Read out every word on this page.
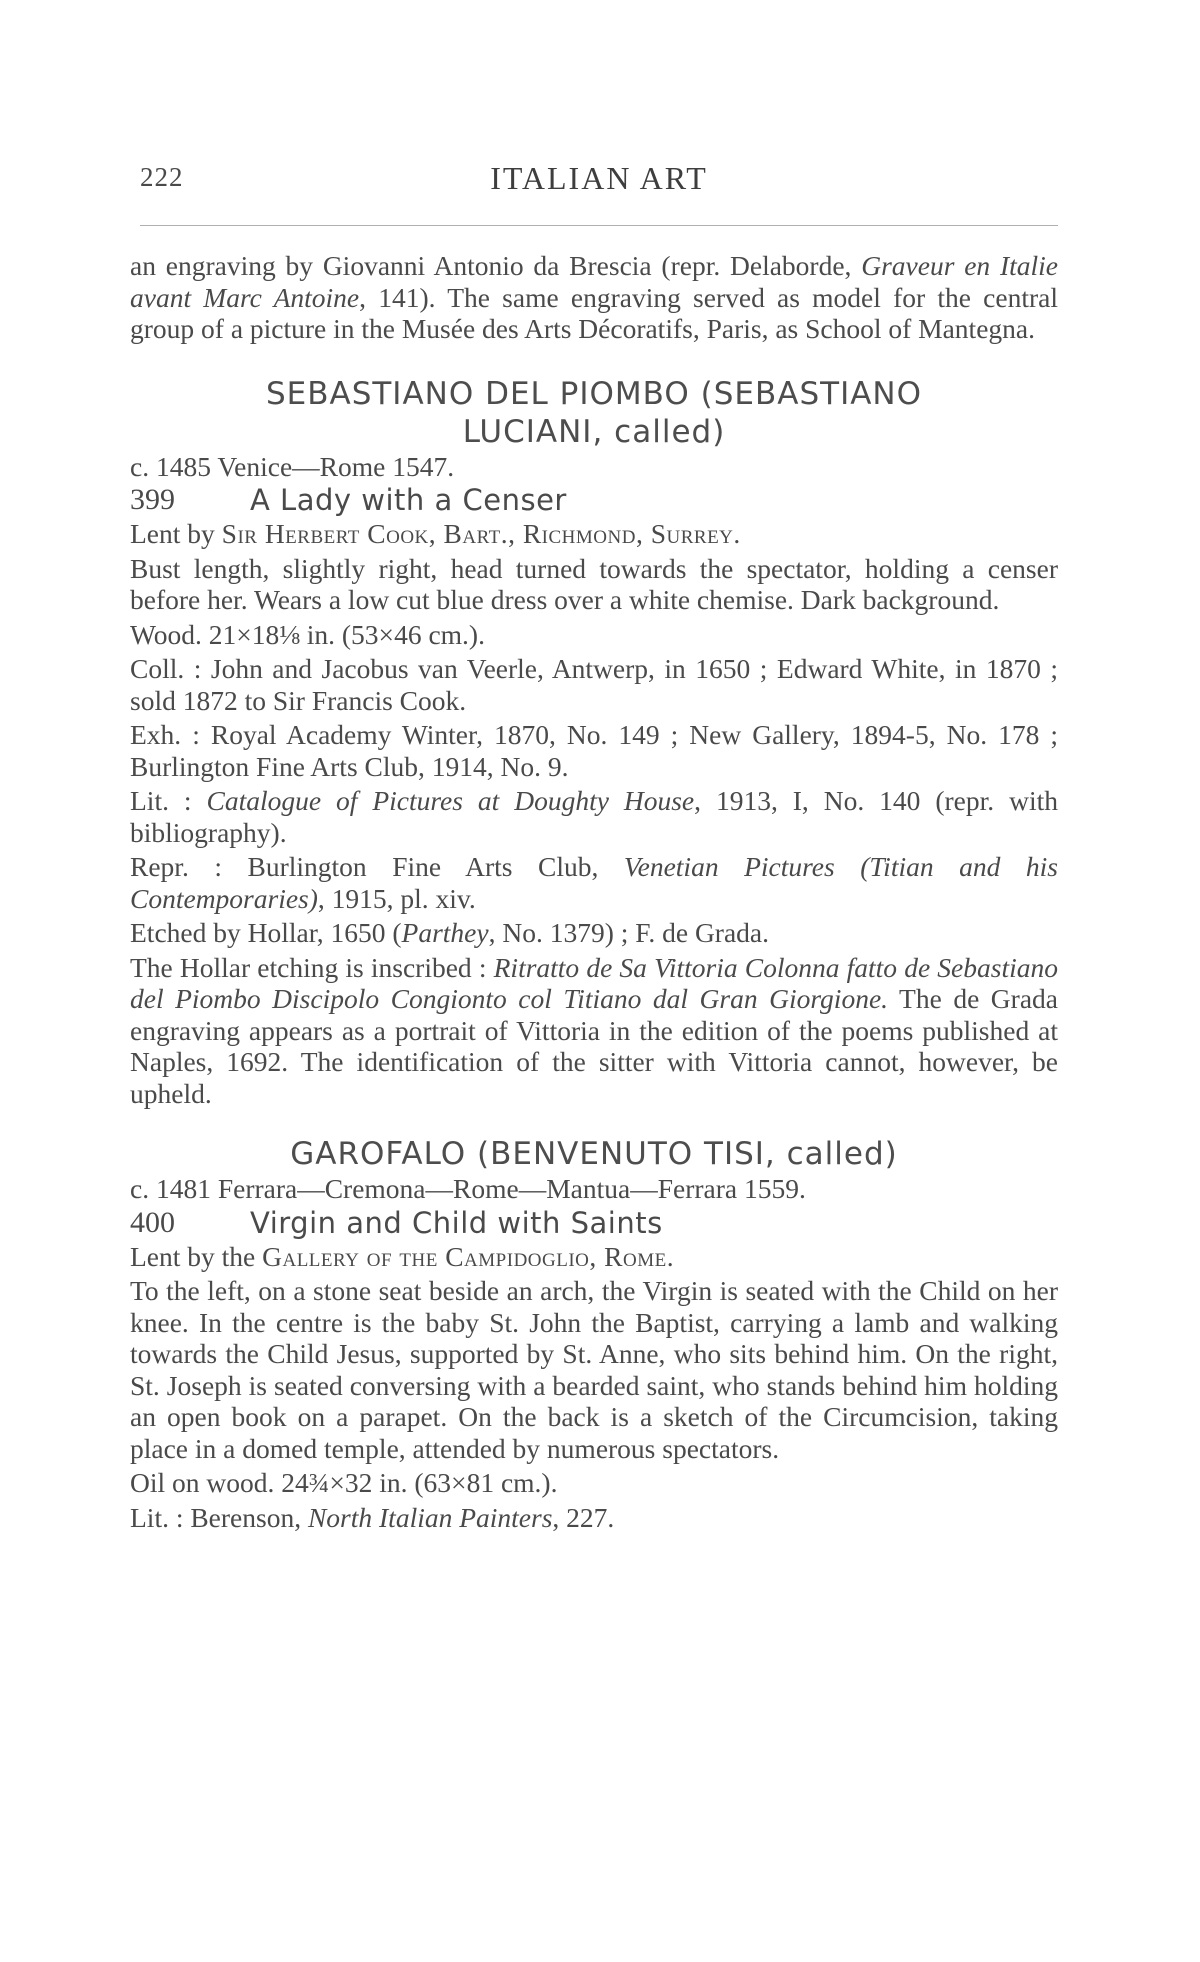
222	ITALIAN ART

an engraving by Giovanni Antonio da Brescia (repr. Delaborde, Graveur en Italie avant Marc Antoine, 141). The same engraving served as model for the central group of a picture in the Musée des Arts Décoratifs, Paris, as School of Mantegna.

SEBASTIANO DEL PIOMBO (SEBASTIANO
LUCIANI, called)

c. 1485 Venice—Rome 1547.

399	A Lady with a Censer

Lent by Sir Herbert Cook, Bart., Richmond, Surrey.

Bust length, slightly right, head turned towards the spectator, holding a censer before her. Wears a low cut blue dress over a white chemise. Dark background.

Wood. 21×18⅛ in. (53×46 cm.).

Coll. : John and Jacobus van Veerle, Antwerp, in 1650 ; Edward White, in 1870 ; sold 1872 to Sir Francis Cook.

Exh. : Royal Academy Winter, 1870, No. 149 ; New Gallery, 1894-5, No. 178 ; Burlington Fine Arts Club, 1914, No. 9.

Lit. : Catalogue of Pictures at Doughty House, 1913, I, No. 140 (repr. with bibliography).

Repr. : Burlington Fine Arts Club, Venetian Pictures (Titian and his Contemporaries), 1915, pl. xiv.

Etched by Hollar, 1650 (Parthey, No. 1379) ; F. de Grada.

The Hollar etching is inscribed : Ritratto de Sa Vittoria Colonna fatto de Sebastiano del Piombo Discipolo Congionto col Titiano dal Gran Giorgione. The de Grada engraving appears as a portrait of Vittoria in the edition of the poems published at Naples, 1692. The identification of the sitter with Vittoria cannot, however, be upheld.

GAROFALO (BENVENUTO TISI, called)

c. 1481 Ferrara—Cremona—Rome—Mantua—Ferrara 1559.

400	Virgin and Child with Saints

Lent by the Gallery of the Campidoglio, Rome.

To the left, on a stone seat beside an arch, the Virgin is seated with the Child on her knee. In the centre is the baby St. John the Baptist, carrying a lamb and walking towards the Child Jesus, supported by St. Anne, who sits behind him. On the right, St. Joseph is seated conversing with a bearded saint, who stands behind him holding an open book on a parapet. On the back is a sketch of the Circumcision, taking place in a domed temple, attended by numerous spectators.

Oil on wood. 24¾×32 in. (63×81 cm.).

Lit. : Berenson, North Italian Painters, 227.
